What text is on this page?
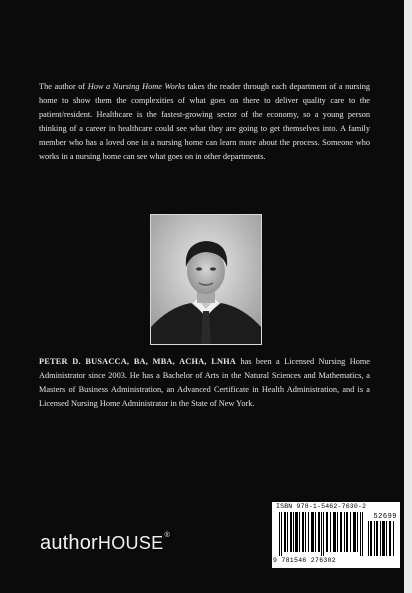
The author of How a Nursing Home Works takes the reader through each department of a nursing home to show them the complexities of what goes on there to deliver quality care to the patient/resident. Healthcare is the fastest-growing sector of the economy, so a young person thinking of a career in healthcare could see what they are going to get themselves into. A family member who has a loved one in a nursing home can learn more about the process. Someone who works in a nursing home can see what goes on in other departments.

PETER D. BUSACCA, BA, MBA, ACHA, LNHA has been a Licensed Nursing Home Administrator since 2003. He has a Bachelor of Arts in the Natural Sciences and Mathematics, a Masters of Business Administration, an Advanced Certificate in Health Administration, and is a Licensed Nursing Home Administrator in the State of New York.

authorHOUSE®
ISBN 978-1-5462-7630-2
52699
9 781546 276302
